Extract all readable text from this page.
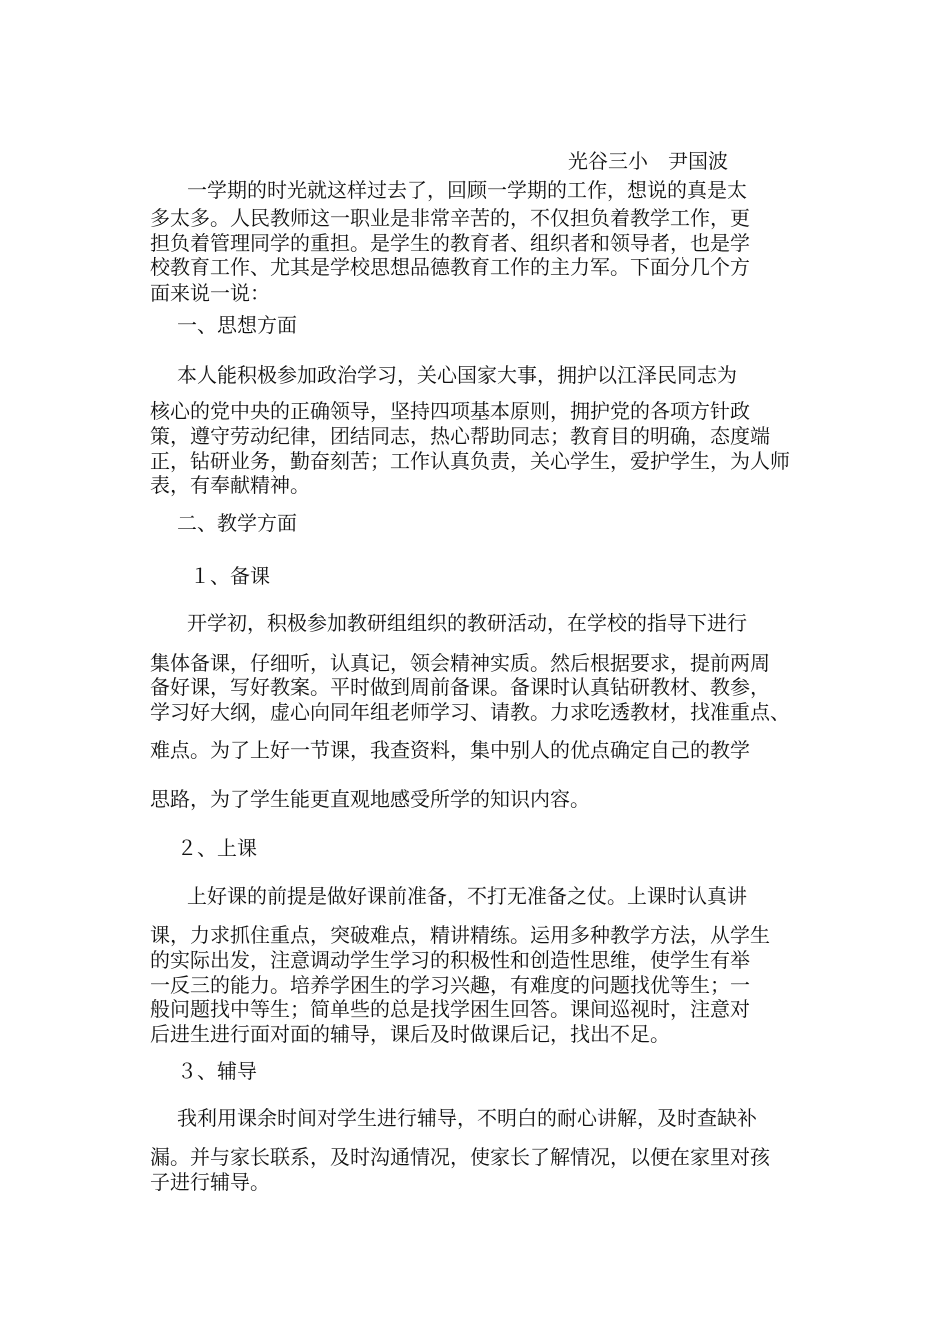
光谷三小　尹国波
一学期的时光就这样过去了，回顾一学期的工作，想说的真是太
多太多。人民教师这一职业是非常辛苦的，不仅担负着教学工作，更
担负着管理同学的重担。是学生的教育者、组织者和领导者，也是学
校教育工作、尤其是学校思想品德教育工作的主力军。下面分几个方
面来说一说：
一、思想方面
本人能积极参加政治学习，关心国家大事，拥护以江泽民同志为
核心的党中央的正确领导，坚持四项基本原则，拥护党的各项方针政
策，遵守劳动纪律，团结同志，热心帮助同志；教育目的明确，态度端
正，钻研业务，勤奋刻苦；工作认真负责，关心学生，爱护学生，为人师
表，有奉献精神。
二、教学方面
１、备课
开学初，积极参加教研组组织的教研活动，在学校的指导下进行
集体备课，仔细听，认真记，领会精神实质。然后根据要求，提前两周
备好课，写好教案。平时做到周前备课。备课时认真钻研教材、教参，
学习好大纲，虚心向同年组老师学习、请教。力求吃透教材，找准重点、
难点。为了上好一节课，我查资料，集中别人的优点确定自己的教学
思路，为了学生能更直观地感受所学的知识内容。
２、上课
上好课的前提是做好课前准备，不打无准备之仗。上课时认真讲
课，力求抓住重点，突破难点，精讲精练。运用多种教学方法，从学生
的实际出发，注意调动学生学习的积极性和创造性思维，使学生有举
一反三的能力。培养学困生的学习兴趣，有难度的问题找优等生；一
般问题找中等生；简单些的总是找学困生回答。课间巡视时，注意对
后进生进行面对面的辅导，课后及时做课后记，找出不足。
３、辅导
我利用课余时间对学生进行辅导，不明白的耐心讲解，及时查缺补
漏。并与家长联系，及时沟通情况，使家长了解情况，以便在家里对孩
子进行辅导。
